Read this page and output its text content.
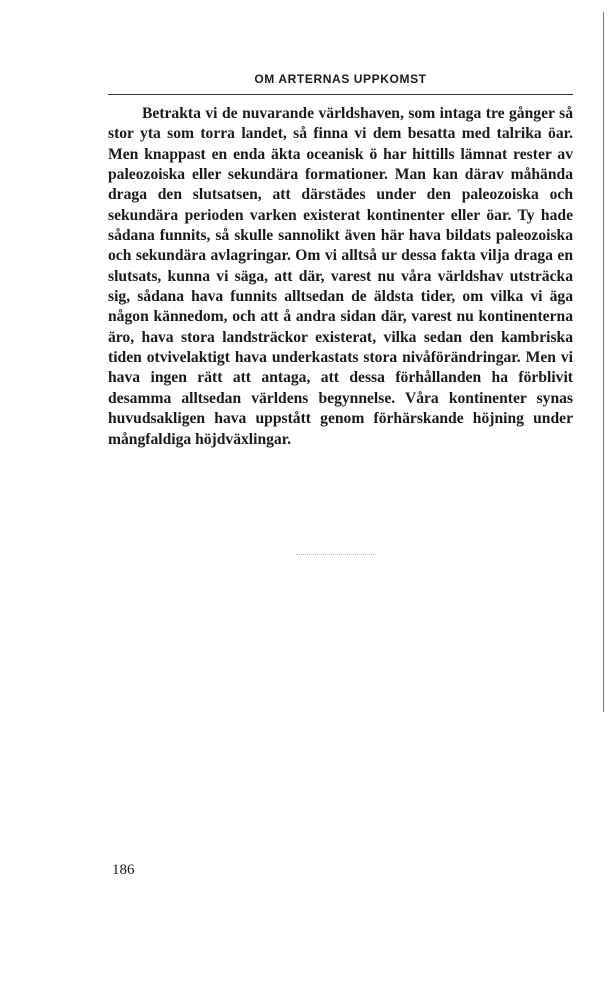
OM ARTERNAS UPPKOMST

Betrakta vi de nuvarande världshaven, som intaga tre gånger så stor yta som torra landet, så finna vi dem besatta med talrika öar. Men knappast en enda äkta oceanisk ö har hittills lämnat rester av paleozoiska eller sekundära formationer. Man kan därav måhända draga den slutsatsen, att därstädes under den paleozoiska och sekundära perioden varken existerat kontinenter eller öar. Ty hade sådana funnits, så skulle sannolikt även här hava bildats paleozoiska och sekundära avlagringar. Om vi alltså ur dessa fakta vilja draga en slutsats, kunna vi säga, att där, varest nu våra världshav utsträcka sig, sådana hava funnits alltsedan de äldsta tider, om vilka vi äga någon kännedom, och att å andra sidan där, varest nu kontinenterna äro, hava stora landsträckor existerat, vilka sedan den kambriska tiden otvivelaktigt hava underkastats stora nivåförändringar. Men vi hava ingen rätt att antaga, att dessa förhållanden ha förblivit desamma alltsedan världens begynnelse. Våra kontinenter synas huvudsakligen hava uppstått genom förhärskande höjning under mångfaldiga höjdväxlingar.

186
